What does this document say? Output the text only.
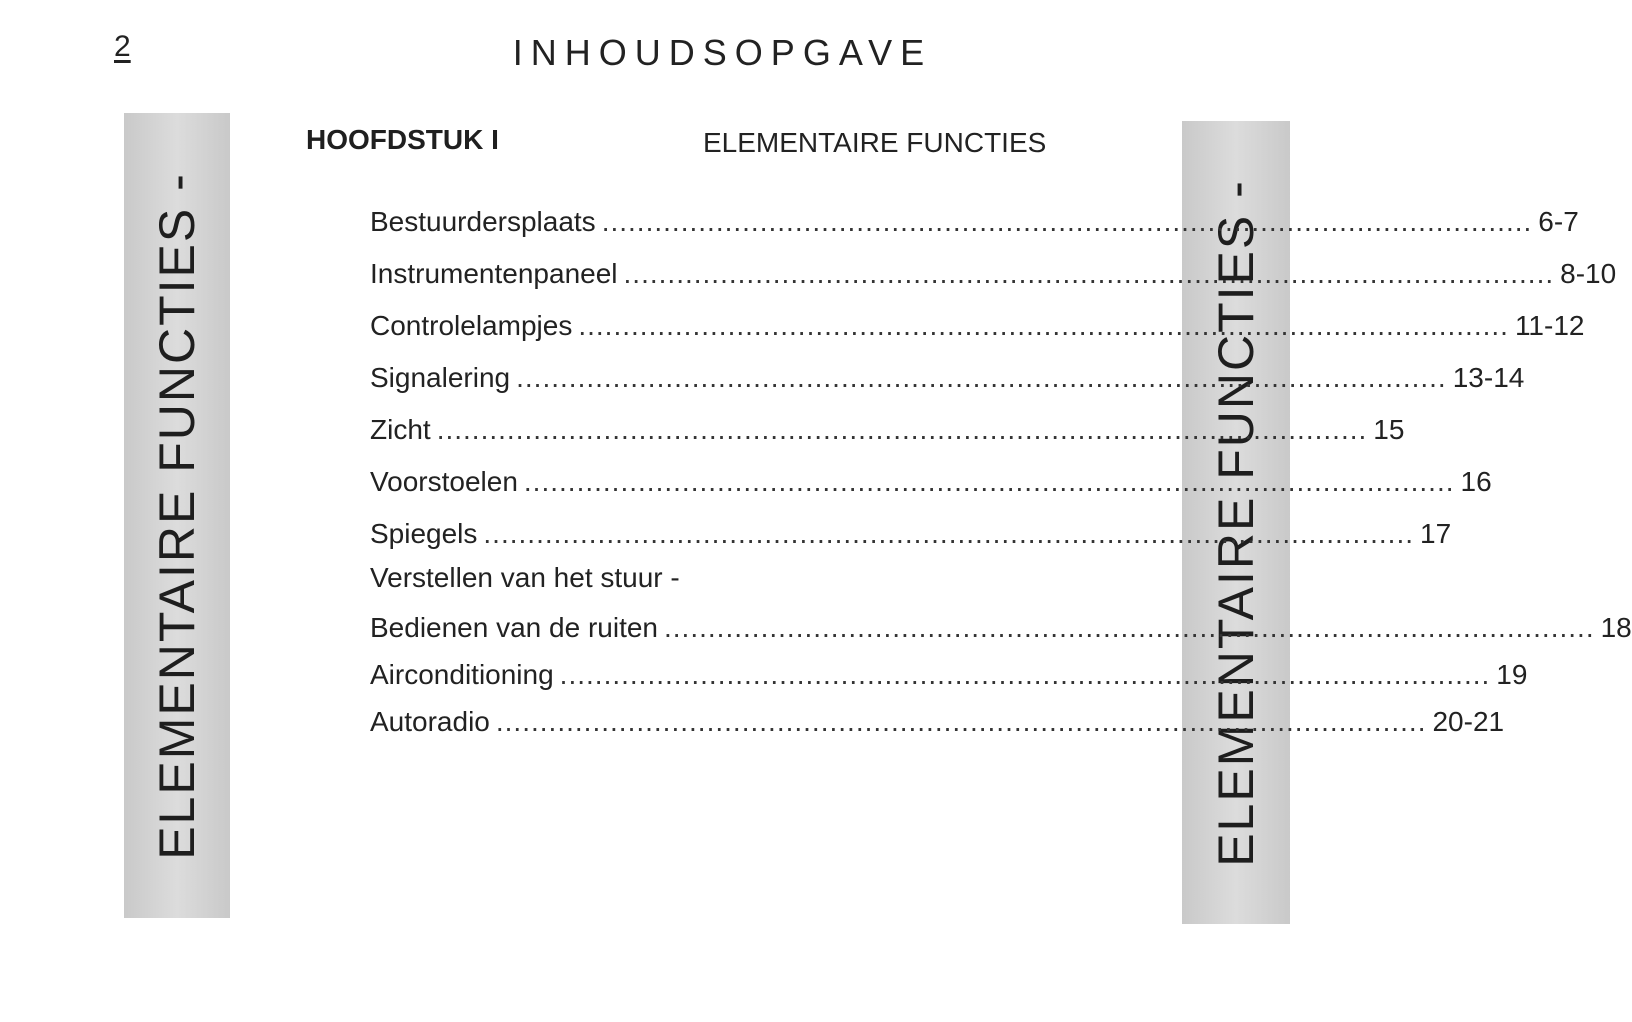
2	INHOUDSOPGAVE
ELEMENTAIRE FUNCTIES -	ELEMENTAIRE FUNCTIES -
HOOFDSTUK I	ELEMENTAIRE FUNCTIES
Bestuurdersplaats .......................................................................................................... 6-7
Instrumentenpaneel .......................................................................................................... 8-10
Controlelampjes .......................................................................................................... 11-12
Signalering .......................................................................................................... 13-14
Zicht .......................................................................................................... 15
Voorstoelen .......................................................................................................... 16
Spiegels .......................................................................................................... 17
Verstellen van het stuur -
Bedienen van de ruiten .......................................................................................................... 18
Airconditioning .......................................................................................................... 19
Autoradio .......................................................................................................... 20-21
